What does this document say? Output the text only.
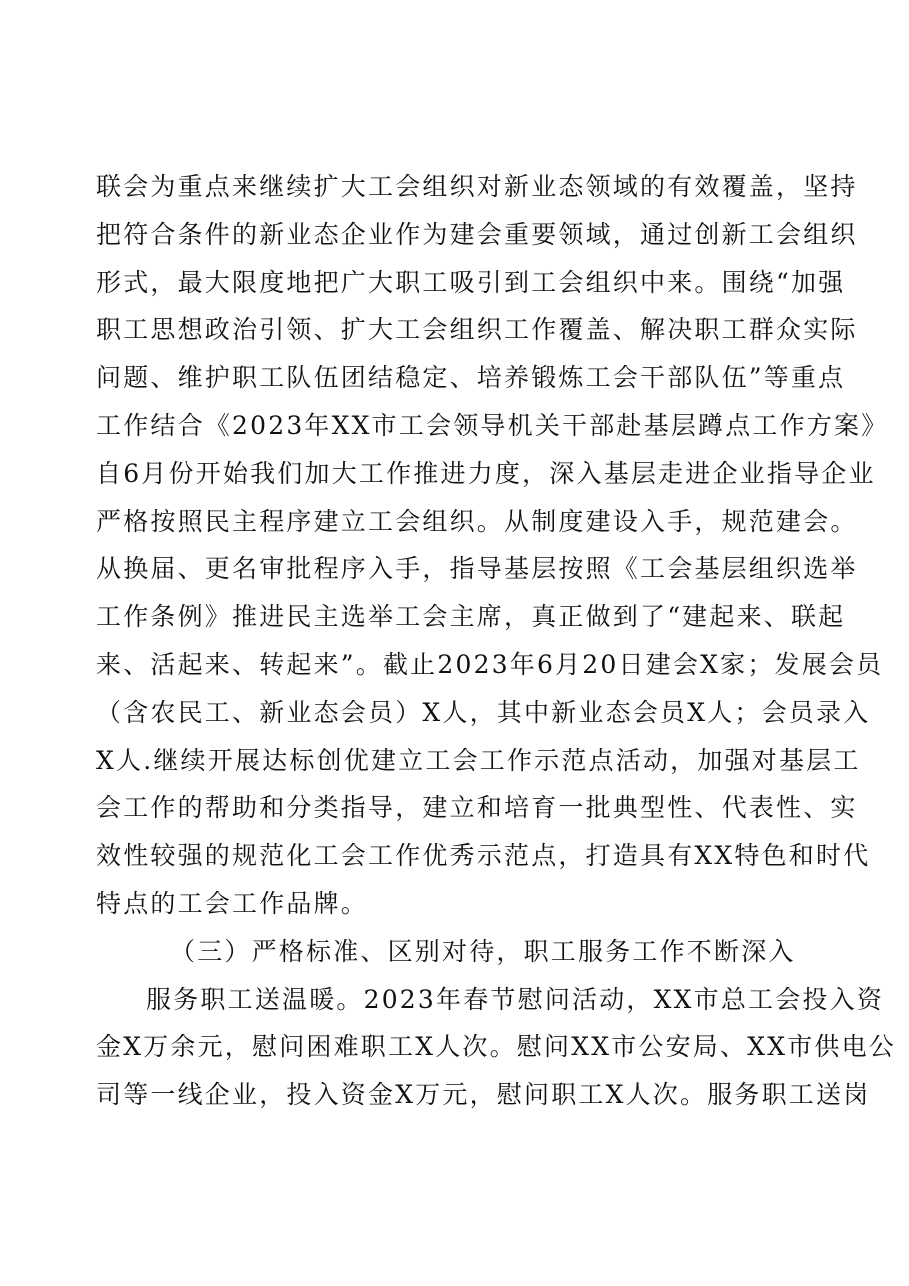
联会为重点来继续扩大工会组织对新业态领域的有效覆盖，坚持
把符合条件的新业态企业作为建会重要领域，通过创新工会组织
形式，最大限度地把广大职工吸引到工会组织中来。围绕“加强
职工思想政治引领、扩大工会组织工作覆盖、解决职工群众实际
问题、维护职工队伍团结稳定、培养锻炼工会干部队伍”等重点
工作结合《2023年XX市工会领导机关干部赴基层蹲点工作方案》
自6月份开始我们加大工作推进力度，深入基层走进企业指导企业
严格按照民主程序建立工会组织。从制度建设入手，规范建会。
从换届、更名审批程序入手，指导基层按照《工会基层组织选举
工作条例》推进民主选举工会主席，真正做到了“建起来、联起
来、活起来、转起来”。截止2023年6月20日建会X家；发展会员
（含农民工、新业态会员）X人，其中新业态会员X人；会员录入
X人.继续开展达标创优建立工会工作示范点活动，加强对基层工
会工作的帮助和分类指导，建立和培育一批典型性、代表性、实
效性较强的规范化工会工作优秀示范点，打造具有XX特色和时代
特点的工会工作品牌。
（三）严格标准、区别对待，职工服务工作不断深入
服务职工送温暖。2023年春节慰问活动，XX市总工会投入资
金X万余元，慰问困难职工X人次。慰问XX市公安局、XX市供电公
司等一线企业，投入资金X万元，慰问职工X人次。服务职工送岗
